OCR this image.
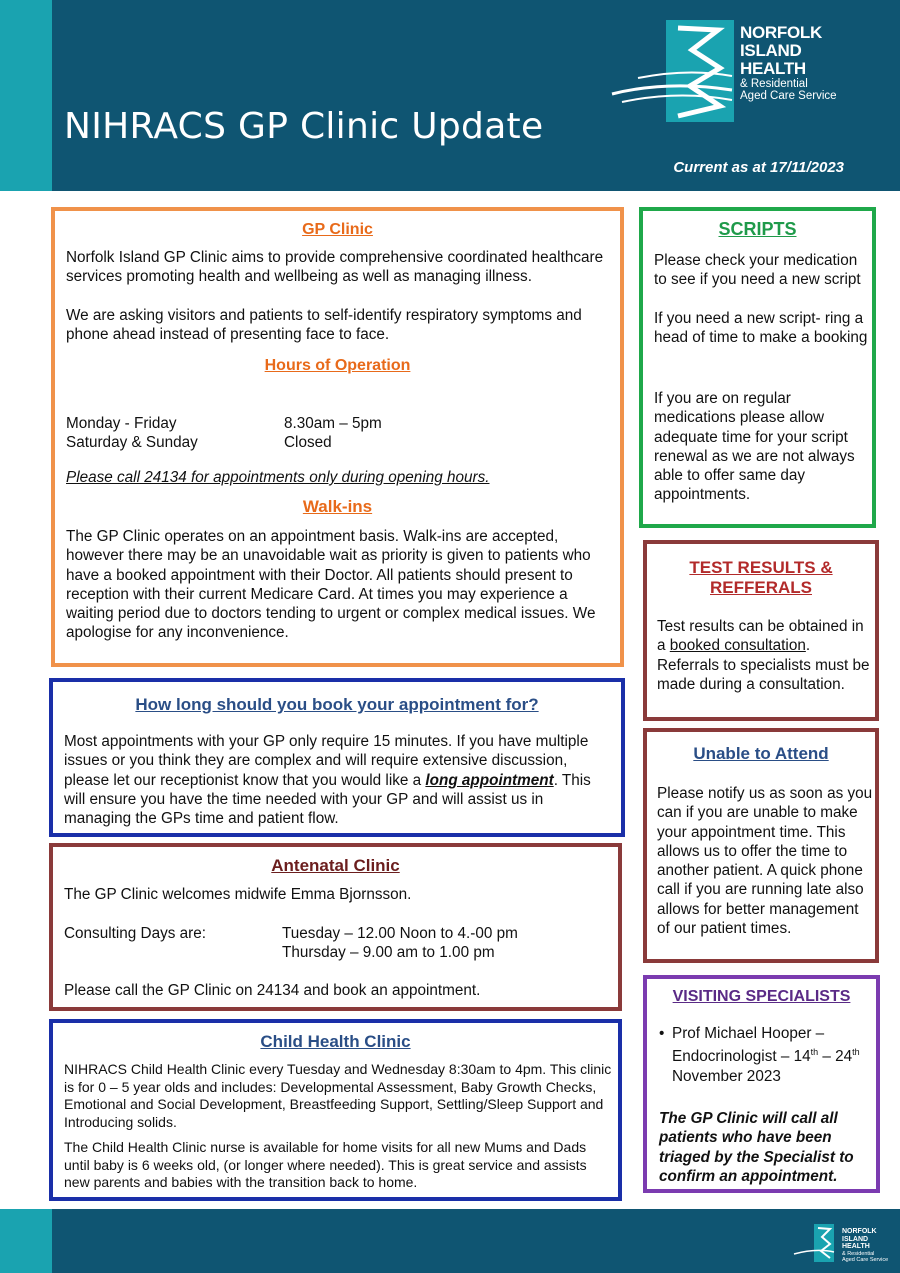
NORFOLK
ISLAND
HEALTH
& Residential
Aged Care Service
NIHRACS GP Clinic Update
Current as at 17/11/2023
GP Clinic
Norfolk Island GP Clinic aims to provide comprehensive coordinated healthcare services promoting health and wellbeing as well as managing illness.
We are asking visitors and patients to self-identify respiratory symptoms and phone ahead instead of presenting face to face.
Hours of Operation
Monday - Friday	8.30am – 5pm
Saturday & Sunday	Closed
Please call 24134 for appointments only during opening hours.
Walk-ins
The GP Clinic operates on an appointment basis. Walk-ins are accepted, however there may be an unavoidable wait as priority is given to patients who have a booked appointment with their Doctor. All patients should present to reception with their current Medicare Card. At times you may experience a waiting period due to doctors tending to urgent or complex medical issues. We apologise for any inconvenience.
How long should you book your appointment for?
Most appointments with your GP only require 15 minutes. If you have multiple issues or you think they are complex and will require extensive discussion, please let our receptionist know that you would like a long appointment. This will ensure you have the time needed with your GP and will assist us in managing the GPs time and patient flow.
Antenatal Clinic
The GP Clinic welcomes midwife Emma Bjornsson.
Consulting Days are:	Tuesday – 12.00 Noon to 4.-00 pm
Thursday – 9.00 am to 1.00 pm
Please call the GP Clinic on 24134 and book an appointment.
Child Health Clinic
NIHRACS Child Health Clinic every Tuesday and Wednesday 8:30am to 4pm. This clinic is for 0 – 5 year olds and includes: Developmental Assessment, Baby Growth Checks, Emotional and Social Development, Breastfeeding Support, Settling/Sleep Support and Introducing solids.
The Child Health Clinic nurse is available for home visits for all new Mums and Dads until baby is 6 weeks old, (or longer where needed). This is great service and assists new parents and babies with the transition back to home.
SCRIPTS
Please check your medication to see if you need a new script
If you need a new script- ring a head of time to make a booking
If you are on regular medications please allow adequate time for your script renewal as we are not always able to offer same day appointments.
TEST RESULTS & REFFERALS
Test results can be obtained in a booked consultation. Referrals to specialists must be made during a consultation.
Unable to Attend
Please notify us as soon as you can if you are unable to make your appointment time. This allows us to offer the time to another patient. A quick phone call if you are running late also allows for better management of our patient times.
VISITING SPECIALISTS
• Prof Michael Hooper – Endocrinologist – 14th – 24th November 2023
The GP Clinic will call all patients who have been triaged by the Specialist to confirm an appointment.
NORFOLK
ISLAND
HEALTH
& Residential
Aged Care Service
